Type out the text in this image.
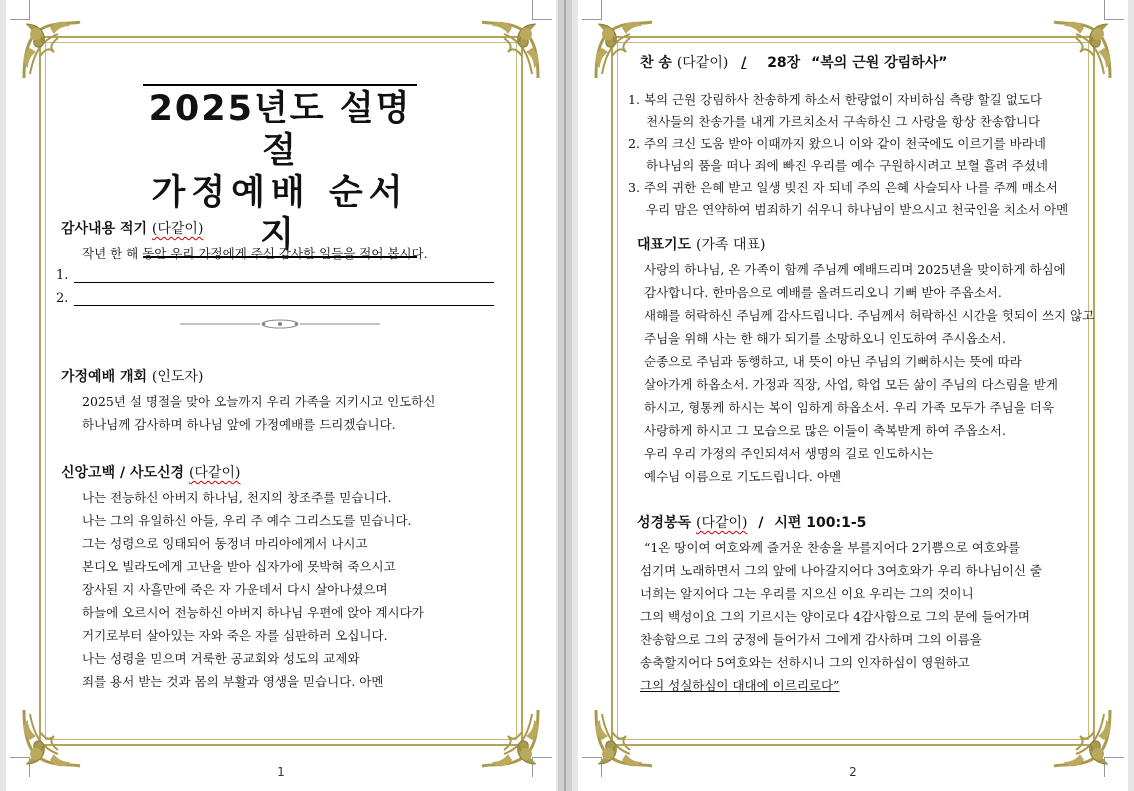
2025년도 설명절
가정예배 순서지
감사내용 적기 (다같이)
작년 한 해 동안 우리 가정에게 주신 감사한 일들을 적어 봅시다.
1.
2.
가정예배 개회 (인도자)
2025년 설 명절을 맞아 오늘까지 우리 가족을 지키시고 인도하신
하나님께 감사하며 하나님 앞에 가정예배를 드리겠습니다.
신앙고백 / 사도신경 (다같이)
나는 전능하신 아버지 하나님, 천지의 창조주를 믿습니다.
나는 그의 유일하신 아들, 우리 주 예수 그리스도를 믿습니다.
그는 성령으로 잉태되어 동정녀 마리아에게서 나시고
본디오 빌라도에게 고난을 받아 십자가에 못박혀 죽으시고
장사된 지 사흘만에 죽은 자 가운데서 다시 살아나셨으며
하늘에 오르시어 전능하신 아버지 하나님 우편에 앉아 계시다가
거기로부터 살아있는 자와 죽은 자를 심판하러 오십니다.
나는 성령을 믿으며 거룩한 공교회와 성도의 교제와
죄를 용서 받는 것과 몸의 부활과 영생을 믿습니다. 아멘
1
찬 송 (다같이) / 28장 “복의 근원 강림하사”
1. 복의 근원 강림하사 찬송하게 하소서 한량없이 자비하심 측량 할길 없도다
천사들의 찬송가를 내게 가르치소서 구속하신 그 사랑을 항상 찬송합니다
2. 주의 크신 도움 받아 이때까지 왔으니 이와 같이 천국에도 이르기를 바라네
하나님의 품을 떠나 죄에 빠진 우리를 예수 구원하시려고 보혈 흘려 주셨네
3. 주의 귀한 은혜 받고 일생 빚진 자 되네 주의 은혜 사슬되사 나를 주께 매소서
우리 맘은 연약하여 범죄하기 쉬우니 하나님이 받으시고 천국인을 치소서 아멘
대표기도 (가족 대표)
사랑의 하나님, 온 가족이 함께 주님께 예배드리며 2025년을 맞이하게 하심에
감사합니다. 한마음으로 예배를 올려드리오니 기뻐 받아 주옵소서.
새해를 허락하신 주님께 감사드립니다. 주님께서 허락하신 시간을 헛되이 쓰지 않고
주님을 위해 사는 한 해가 되기를 소망하오니 인도하여 주시옵소서.
순종으로 주님과 동행하고, 내 뜻이 아닌 주님의 기뻐하시는 뜻에 따라
살아가게 하옵소서. 가정과 직장, 사업, 학업 모든 삶이 주님의 다스림을 받게
하시고, 형통케 하시는 복이 임하게 하옵소서. 우리 가족 모두가 주님을 더욱
사랑하게 하시고 그 모습으로 많은 이들이 축복받게 하여 주옵소서.
우리 우리 가정의 주인되셔서 생명의 길로 인도하시는
예수님 이름으로 기도드립니다. 아멘
성경봉독 (다같이) / 시편 100:1-5
“1온 땅이여 여호와께 즐거운 찬송을 부를지어다 2기쁨으로 여호와를
섬기며 노래하면서 그의 앞에 나아갈지어다 3여호와가 우리 하나님이신 줄
너희는 알지어다 그는 우리를 지으신 이요 우리는 그의 것이니
그의 백성이요 그의 기르시는 양이로다 4감사함으로 그의 문에 들어가며
찬송함으로 그의 궁정에 들어가서 그에게 감사하며 그의 이름을
송축할지어다 5여호와는 선하시니 그의 인자하심이 영원하고
그의 성실하심이 대대에 이르리로다”
2
